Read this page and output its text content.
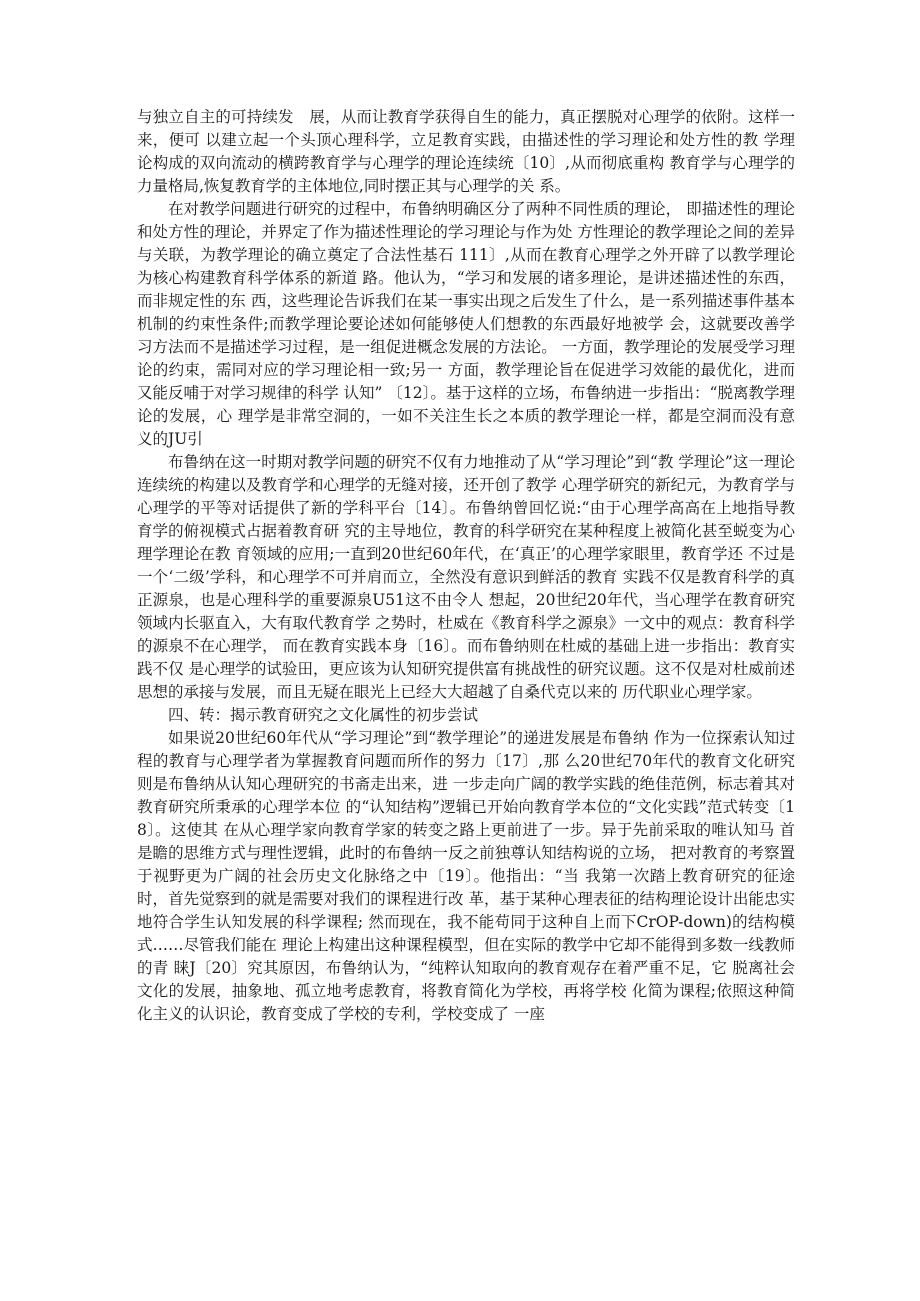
与独立自主的可持续发　展，从而让教育学获得自生的能力，真正摆脱对心理学的依附。这样一来，便可 以建立起一个头顶心理科学，立足教育实践，由描述性的学习理论和处方性的教 学理论构成的双向流动的横跨教育学与心理学的理论连续统〔10〕,从而彻底重构 教育学与心理学的力量格局,恢复教育学的主体地位,同时摆正其与心理学的关 系。

在对教学问题进行研究的过程中，布鲁纳明确区分了两种不同性质的理论， 即描述性的理论和处方性的理论，并界定了作为描述性理论的学习理论与作为处 方性理论的教学理论之间的差异与关联，为教学理论的确立奠定了合法性基石 111〕,从而在教育心理学之外开辟了以教学理论为核心构建教育科学体系的新道 路。他认为，“学习和发展的诸多理论，是讲述描述性的东西，而非规定性的东 西，这些理论告诉我们在某一事实出现之后发生了什么，是一系列描述事件基本 机制的约束性条件;而教学理论要论述如何能够使人们想教的东西最好地被学 会，这就要改善学习方法而不是描述学习过程，是一组促进概念发展的方法论。 一方面，教学理论的发展受学习理论的约束，需同对应的学习理论相一致;另一 方面，教学理论旨在促进学习效能的最优化，进而又能反哺于对学习规律的科学 认知” 〔12〕。基于这样的立场，布鲁纳进一步指出：“脱离教学理论的发展，心 理学是非常空洞的，一如不关注生长之本质的教学理论一样，都是空洞而没有意 义的JU引

布鲁纳在这一时期对教学问题的研究不仅有力地推动了从“学习理论”到“教 学理论”这一理论连续统的构建以及教育学和心理学的无缝对接，还开创了教学 心理学研究的新纪元，为教育学与心理学的平等对话提供了新的学科平台〔14〕。布鲁纳曾回忆说:“由于心理学高高在上地指导教育学的俯视模式占据着教育研 究的主导地位，教育的科学研究在某种程度上被简化甚至蜕变为心理学理论在教 育领域的应用;一直到20世纪60年代，在‘真正’的心理学家眼里，教育学还 不过是一个‘二级’学科，和心理学不可并肩而立，全然没有意识到鲜活的教育 实践不仅是教育科学的真正源泉，也是心理科学的重要源泉U51这不由令人 想起，20世纪20年代，当心理学在教育研究领域内长驱直入，大有取代教育学 之势时，杜威在《教育科学之源泉》一文中的观点：教育科学的源泉不在心理学， 而在教育实践本身〔16〕。而布鲁纳则在杜威的基础上进一步指出：教育实践不仅 是心理学的试验田，更应该为认知研究提供富有挑战性的研究议题。这不仅是对杜威前述思想的承接与发展，而且无疑在眼光上已经大大超越了自桑代克以来的 历代职业心理学家。

四、转：揭示教育研究之文化属性的初步尝试

如果说20世纪60年代从“学习理论”到“教学理论”的递进发展是布鲁纳 作为一位探索认知过程的教育与心理学者为掌握教育问题而所作的努力〔17〕,那 么20世纪70年代的教育文化研究则是布鲁纳从认知心理研究的书斋走出来，进 一步走向广阔的教学实践的绝佳范例，标志着其对教育研究所秉承的心理学本位 的“认知结构”逻辑已开始向教育学本位的“文化实践”范式转变〔18〕。这使其 在从心理学家向教育学家的转变之路上更前进了一步。异于先前采取的唯认知马 首是瞻的思维方式与理性逻辑，此时的布鲁纳一反之前独尊认知结构说的立场， 把对教育的考察置于视野更为广阔的社会历史文化脉络之中〔19〕。他指出：“当 我第一次踏上教育研究的征途时，首先觉察到的就是需要对我们的课程进行改 革，基于某种心理表征的结构理论设计出能忠实地符合学生认知发展的科学课程; 然而现在，我不能苟同于这种自上而下CrOP-down)的结构模式……尽管我们能在 理论上构建出这种课程模型，但在实际的教学中它却不能得到多数一线教师的青 睐J〔20〕究其原因，布鲁纳认为，“纯粹认知取向的教育观存在着严重不足，它 脱离社会文化的发展，抽象地、孤立地考虑教育，将教育简化为学校，再将学校 化简为课程;依照这种简化主义的认识论，教育变成了学校的专利，学校变成了 一座
